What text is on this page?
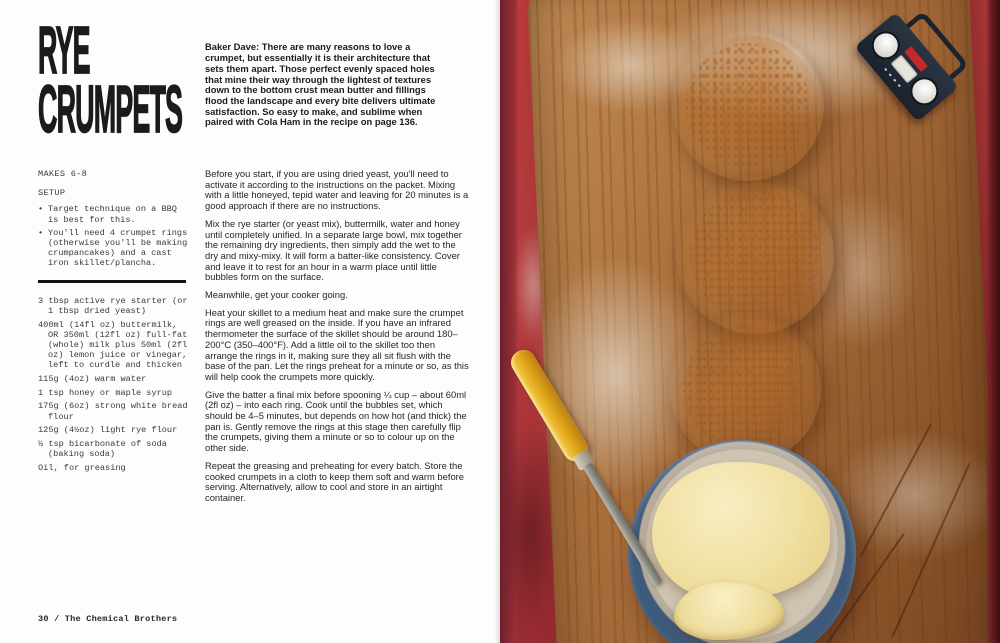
RYE
CRUMPETS

Baker Dave: There are many reasons to love a crumpet, but essentially it is their architecture that sets them apart. Those perfect evenly spaced holes that mine their way through the lightest of textures down to the bottom crust mean butter and fillings flood the landscape and every bite delivers ultimate satisfaction. So easy to make, and sublime when paired with Cola Ham in the recipe on page 136.

MAKES 6-8

SETUP

• Target technique on a BBQ is best for this.
• You'll need 4 crumpet rings (otherwise you'll be making crumpancakes) and a cast iron skillet/plancha.
3 tbsp active rye starter (or 1 tbsp dried yeast)
400ml (14fl oz) buttermilk, OR 350ml (12fl oz) full-fat (whole) milk plus 50ml (2fl oz) lemon juice or vinegar, left to curdle and thicken
115g (4oz) warm water
1 tsp honey or maple syrup
175g (6oz) strong white bread flour
125g (4½oz) light rye flour
½ tsp bicarbonate of soda (baking soda)
Oil, for greasing

Before you start, if you are using dried yeast, you'll need to activate it according to the instructions on the packet. Mixing with a little honeyed, tepid water and leaving for 20 minutes is a good approach if there are no instructions.

Mix the rye starter (or yeast mix), buttermilk, water and honey until completely unified. In a separate large bowl, mix together the remaining dry ingredients, then simply add the wet to the dry and mixy-mixy. It will form a batter-like consistency. Cover and leave it to rest for an hour in a warm place until little bubbles form on the surface.

Meanwhile, get your cooker going.

Heat your skillet to a medium heat and make sure the crumpet rings are well greased on the inside. If you have an infrared thermometer the surface of the skillet should be around 180–200°C (350–400°F). Add a little oil to the skillet too then arrange the rings in it, making sure they all sit flush with the base of the pan. Let the rings preheat for a minute or so, as this will help cook the crumpets more quickly.

Give the batter a final mix before spooning ¼ cup – about 60ml (2fl oz) – into each ring. Cook until the bubbles set, which should be 4–5 minutes, but depends on how hot (and thick) the pan is. Gently remove the rings at this stage then carefully flip the crumpets, giving them a minute or so to colour up on the other side.

Repeat the greasing and preheating for every batch. Store the cooked crumpets in a cloth to keep them soft and warm before serving. Alternatively, allow to cool and store in an airtight container.

30 / The Chemical Brothers
